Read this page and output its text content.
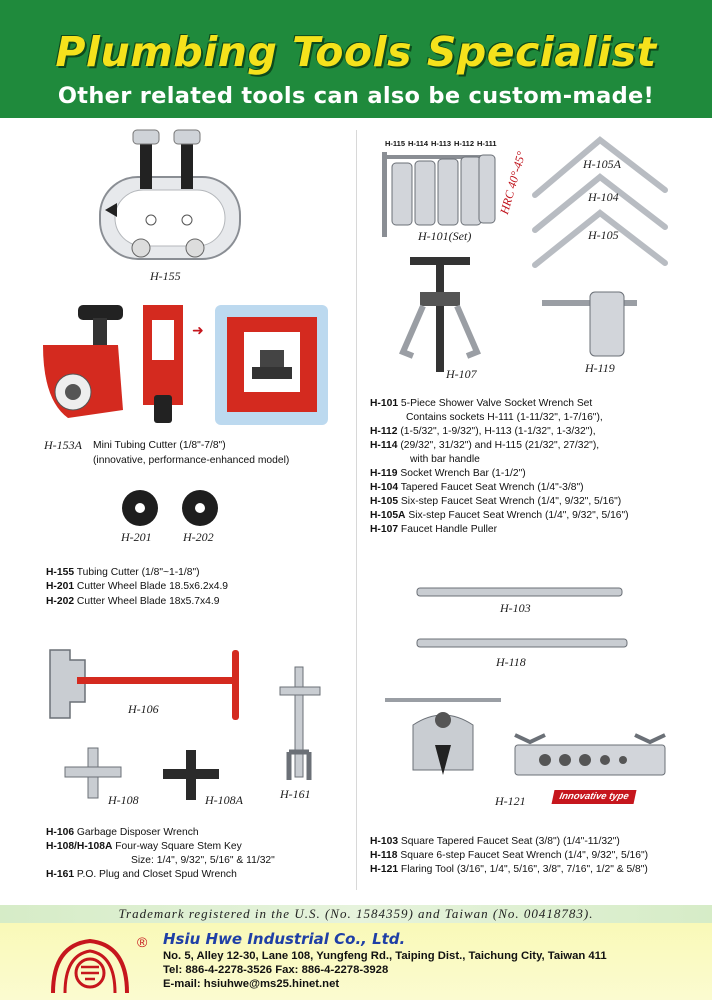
Plumbing Tools Specialist
Other related tools can also be custom-made!
H-155
➜
H-153A Mini Tubing Cutter (1/8"-7/8")
(innovative, performance-enhanced model)
H-201	H-202
H-155 Tubing Cutter (1/8"~1-1/8")
H-201 Cutter Wheel Blade 18.5x6.2x4.9
H-202 Cutter Wheel Blade 18x5.7x4.9
H-106
H-161
H-108	H-108A
H-106 Garbage Disposer Wrench
H-108/H-108A Four-way Square Stem Key
Size: 1/4", 9/32", 5/16" & 11/32"
H-161 P.O. Plug and Closet Spud Wrench
H-115 H-114 H-113 H-112 H-111
H-101(Set)
H-105A
H-104
H-105
HRC 40°-45°
H-107	H-119
H-101 5-Piece Shower Valve Socket Wrench Set
Contains sockets H-111 (1-11/32", 1-7/16"),
H-112 (1-5/32", 1-9/32"), H-113 (1-1/32", 1-3/32"),
H-114 (29/32", 31/32") and H-115 (21/32", 27/32"),
with bar handle
H-119 Socket Wrench Bar (1-1/2")
H-104 Tapered Faucet Seat Wrench (1/4"-3/8")
H-105 Six-step Faucet Seat Wrench (1/4", 9/32", 5/16")
H-105A Six-step Faucet Seat Wrench (1/4", 9/32", 5/16")
H-107 Faucet Handle Puller
H-103
H-118
H-121	Innovative type
H-103 Square Tapered Faucet Seat (3/8") (1/4"-11/32")
H-118 Square 6-step Faucet Seat Wrench (1/4", 9/32", 5/16")
H-121 Flaring Tool (3/16", 1/4", 5/16", 3/8", 7/16", 1/2" & 5/8")
Trademark registered in the U.S. (No. 1584359) and Taiwan (No. 00418783).
® Hsiu Hwe Industrial Co., Ltd.
No. 5, Alley 12-30, Lane 108, Yungfeng Rd., Taiping Dist., Taichung City, Taiwan 411
Tel: 886-4-2278-3526 Fax: 886-4-2278-3928
E-mail: hsiuhwe@ms25.hinet.net
